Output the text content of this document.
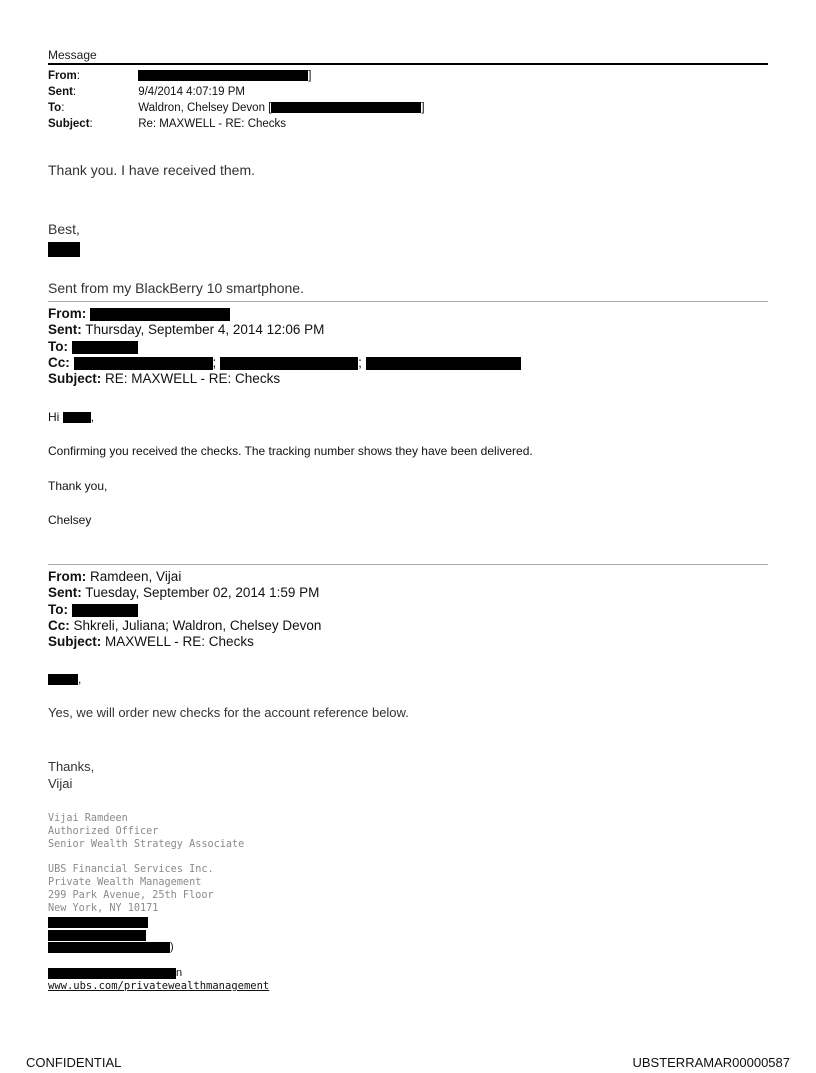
Message
From:	]
Sent:	9/4/2014 4:07:19 PM
To:	Waldron, Chelsey Devon [	]
Subject:	Re: MAXWELL - RE: Checks
Thank you. I have received them.
Best,
Sent from my BlackBerry 10 smartphone.
From:
Sent: Thursday, September 4, 2014 12:06 PM
To:
Cc:	;	;
Subject: RE: MAXWELL - RE: Checks
Hi	,
Confirming you received the checks. The tracking number shows they have been delivered.
Thank you,
Chelsey
From: Ramdeen, Vijai
Sent: Tuesday, September 02, 2014 1:59 PM
To:
Cc: Shkreli, Juliana; Waldron, Chelsey Devon
Subject: MAXWELL - RE: Checks
,
Yes, we will order new checks for the account reference below.
Thanks,
Vijai
Vijai Ramdeen
Authorized Officer
Senior Wealth Strategy Associate
UBS Financial Services Inc.
Private Wealth Management
299 Park Avenue, 25th Floor
New York, NY 10171
)
n
www.ubs.com/privatewealthmanagement
CONFIDENTIAL	UBSTERRAMAR00000587
